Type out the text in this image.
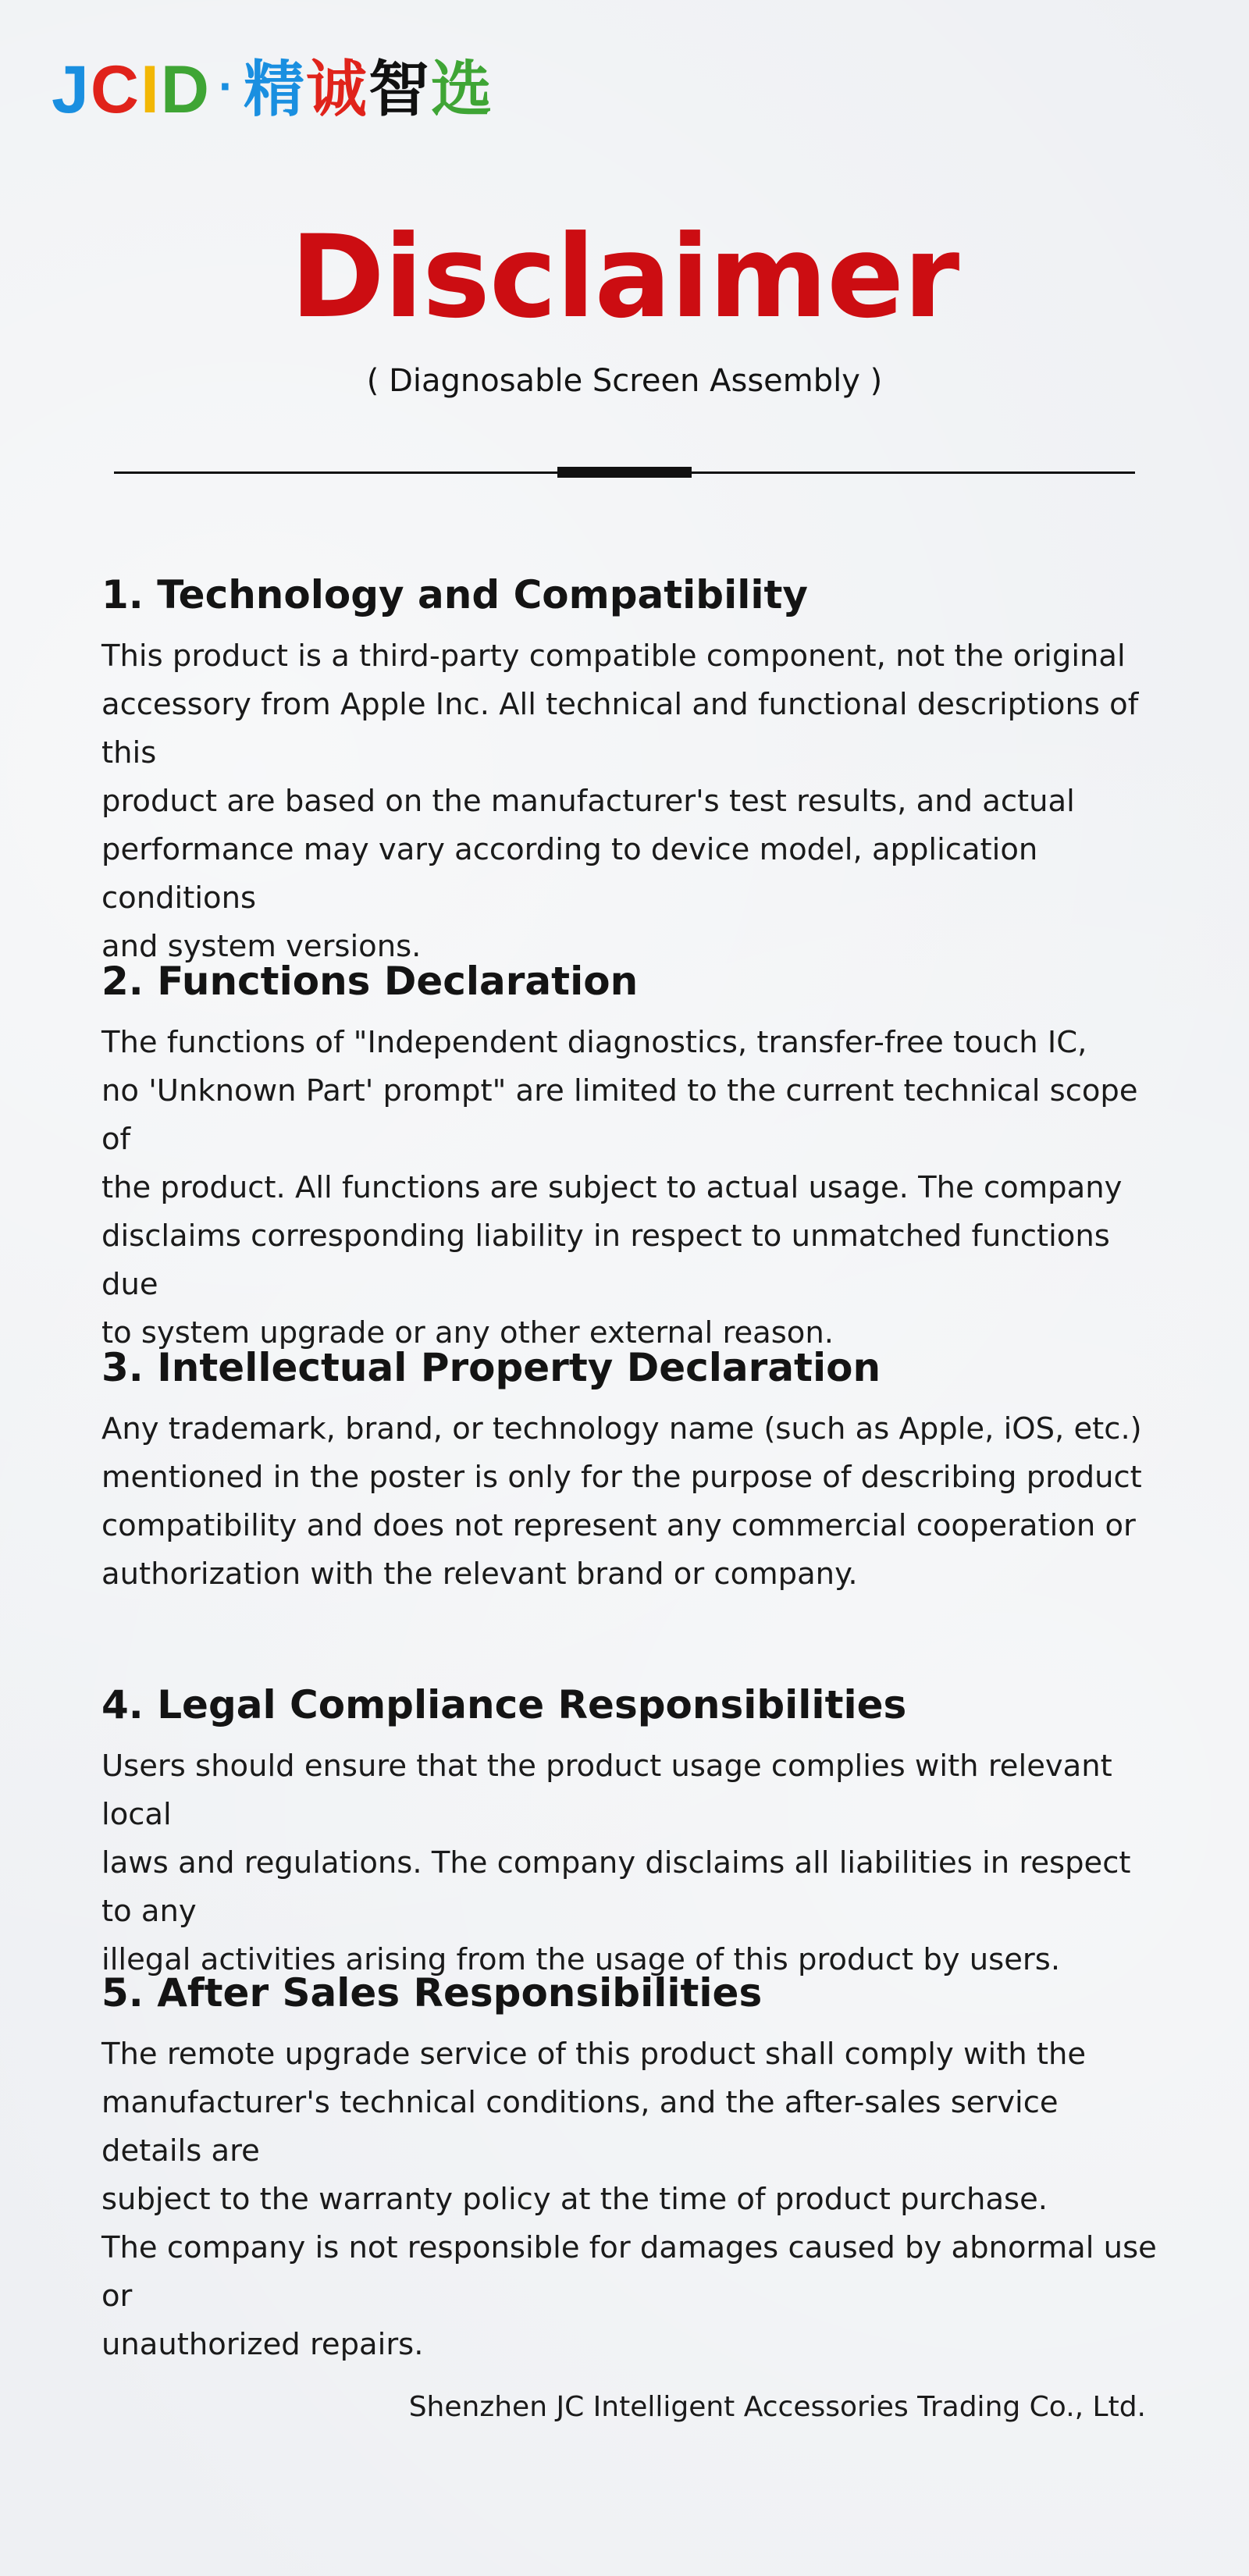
J C I D · 精 诚 智 选
Disclaimer
( Diagnosable Screen Assembly )
1. Technology and Compatibility

This product is a third-party compatible component, not the original
accessory from Apple Inc. All technical and functional descriptions of this
product are based on the manufacturer's test results, and actual
performance may vary according to device model, application conditions
and system versions.

2. Functions Declaration

The functions of "Independent diagnostics, transfer-free touch IC,
no 'Unknown Part' prompt" are limited to the current technical scope of
the product. All functions are subject to actual usage. The company
disclaims corresponding liability in respect to unmatched functions due
to system upgrade or any other external reason.

3. Intellectual Property Declaration

Any trademark, brand, or technology name (such as Apple, iOS, etc.)
mentioned in the poster is only for the purpose of describing product
compatibility and does not represent any commercial cooperation or
authorization with the relevant brand or company.

4. Legal Compliance Responsibilities

Users should ensure that the product usage complies with relevant local
laws and regulations. The company disclaims all liabilities in respect to any
illegal activities arising from the usage of this product by users.

5. After Sales Responsibilities

The remote upgrade service of this product shall comply with the
manufacturer's technical conditions, and the after-sales service details are
subject to the warranty policy at the time of product purchase.
The company is not responsible for damages caused by abnormal use or
unauthorized repairs.

Shenzhen JC Intelligent Accessories Trading Co., Ltd.
